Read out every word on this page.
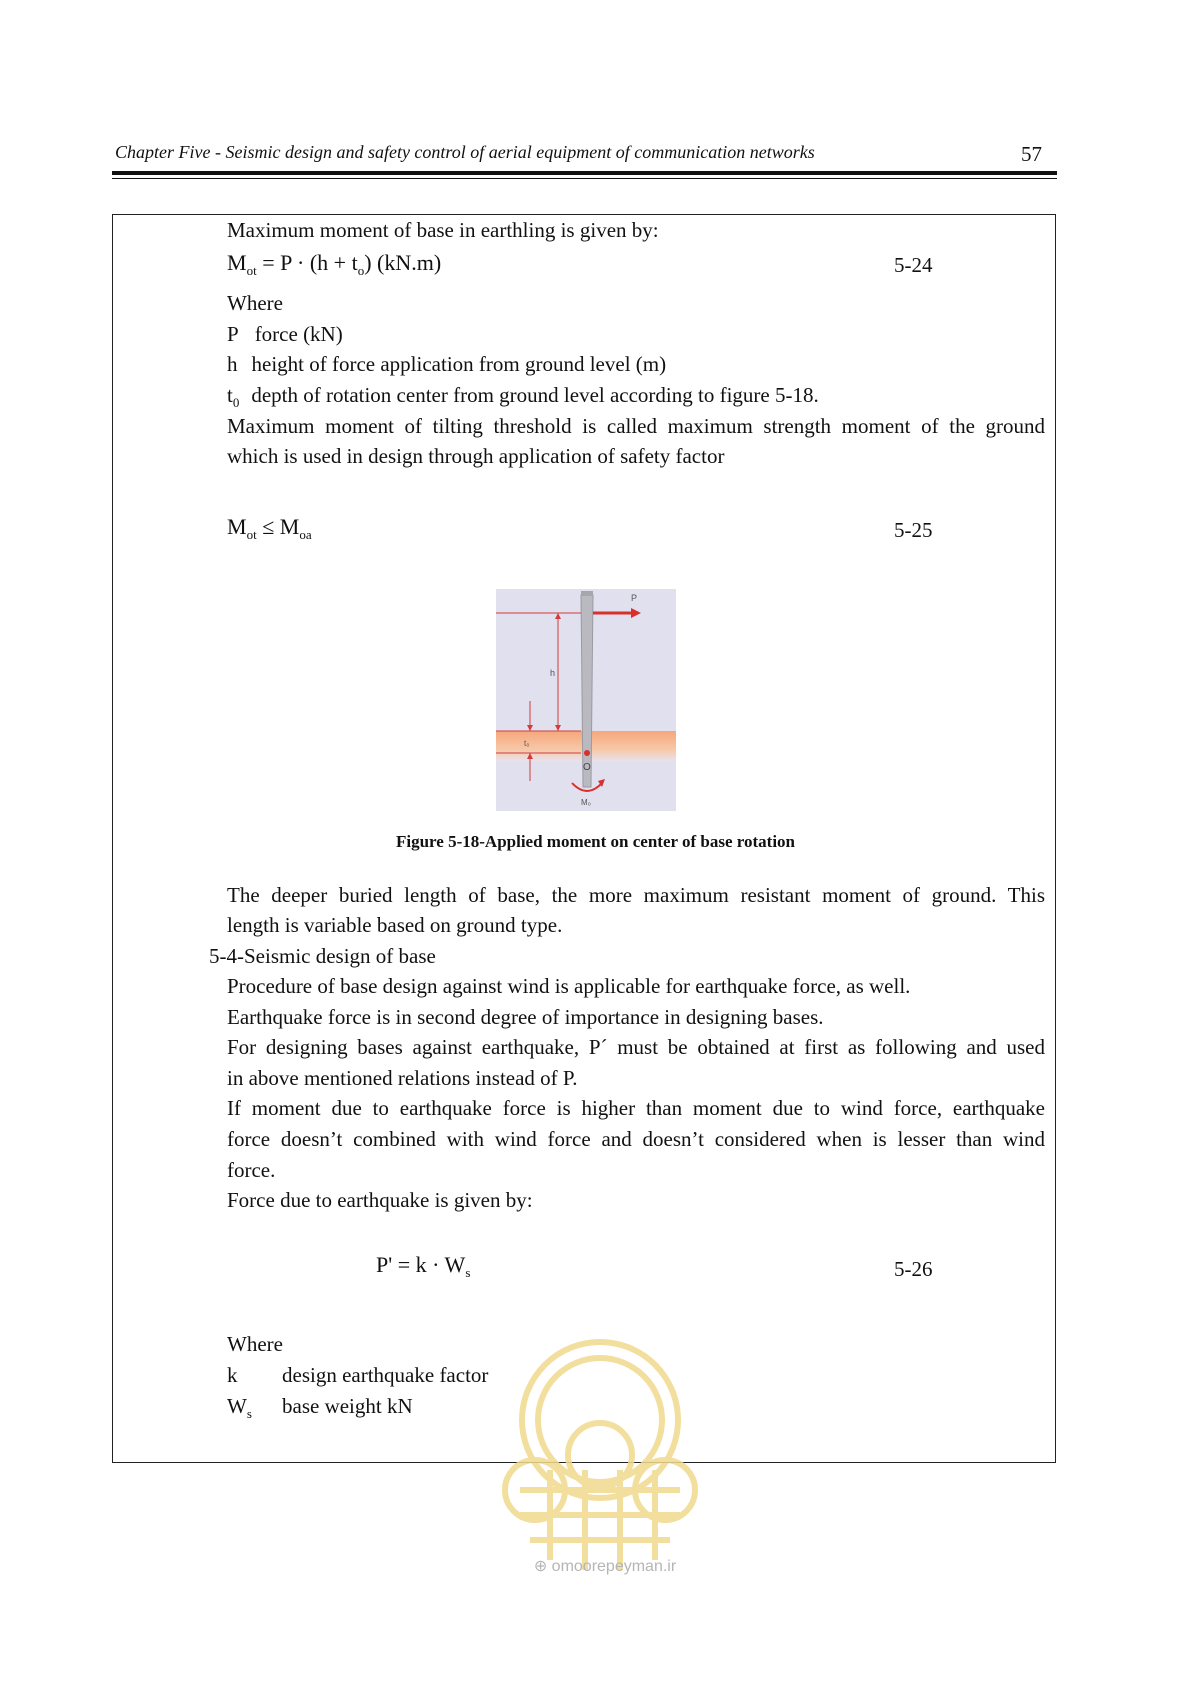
Chapter Five - Seismic design and safety control of aerial equipment of communication networks	57
Maximum moment of base in earthling is given by:
$M_{ot} = P \cdot (h + t_o)$ (kN.m)	5-24
Where
P force (kN)
h height of force application from ground level (m)
$t_0$ depth of rotation center from ground level according to figure 5-18.
Maximum moment of tilting threshold is called maximum strength moment of the ground
which is used in design through application of safety factor
$M_{ot} \le M_{oa}$	5-25
P
h
t₀
O
M₀
Figure 5-18-Applied moment on center of base rotation
The deeper buried length of base, the more maximum resistant moment of ground. This
length is variable based on ground type.
5-4-Seismic design of base
Procedure of base design against wind is applicable for earthquake force, as well.
Earthquake force is in second degree of importance in designing bases.
For designing bases against earthquake, P´ must be obtained at first as following and used
in above mentioned relations instead of P.
If moment due to earthquake force is higher than moment due to wind force, earthquake
force doesn’t combined with wind force and doesn’t considered when is lesser than wind
force.
Force due to earthquake is given by:
$P' = k \cdot W_s$	5-26
Where
k design earthquake factor
$W_s$ base weight kN
⊕ omoorepeyman.ir
